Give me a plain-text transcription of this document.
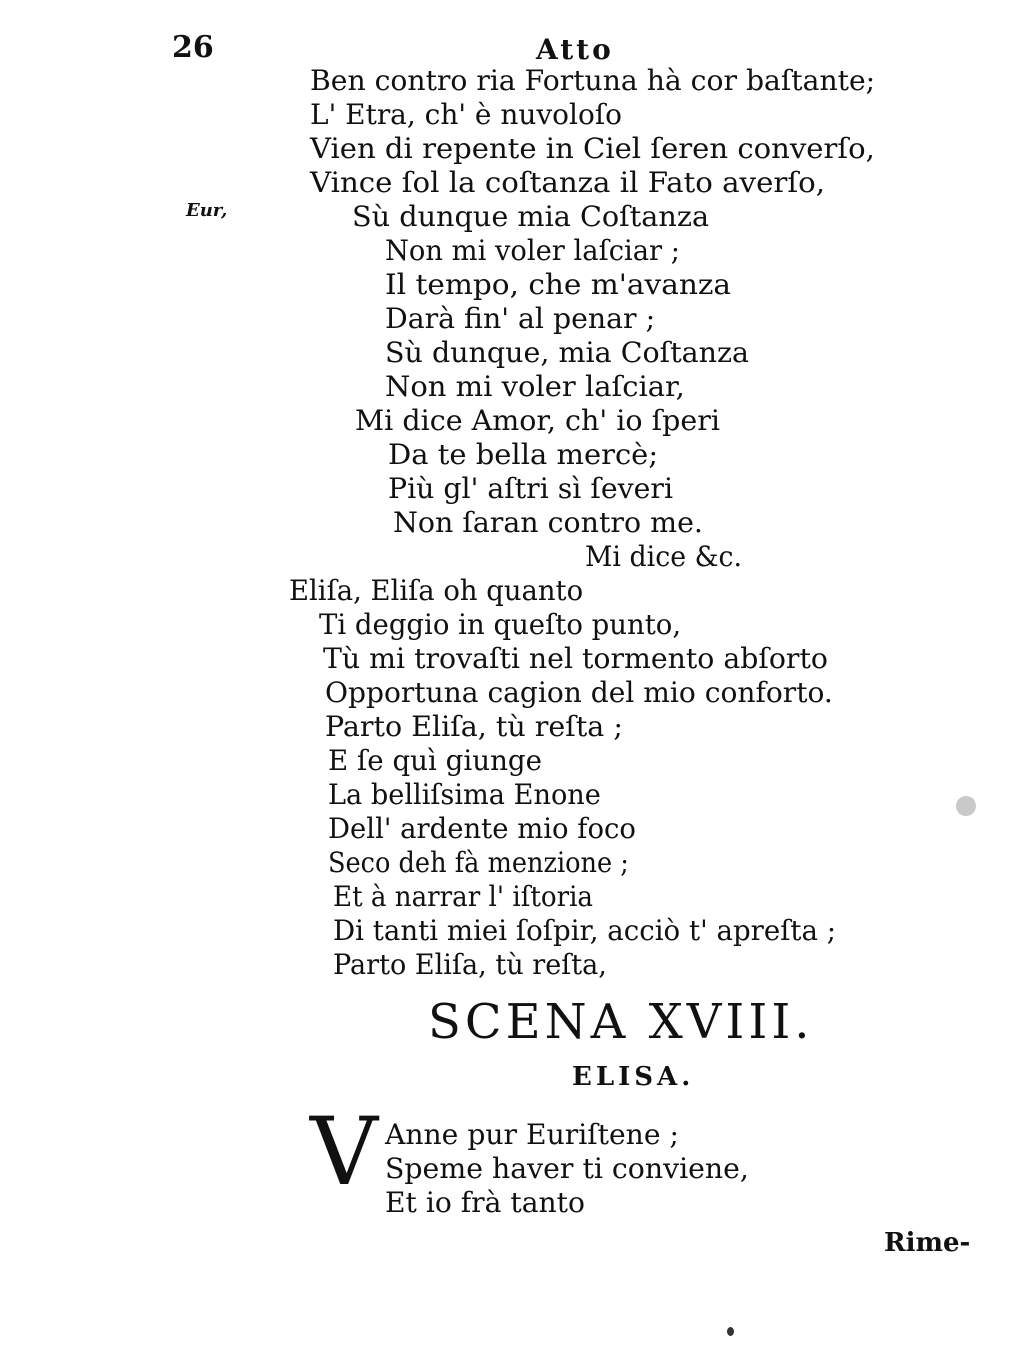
26	Atto
Eur,
Ben contro ria Fortuna hà cor baſtante;
L' Etra, ch' è nuvoloſo
Vien di repente in Ciel ſeren converſo,
Vince ſol la coſtanza il Fato averſo,
Sù dunque mia Coſtanza
Non mi voler laſciar ;
Il tempo, che m'avanza
Darà fin' al penar ;
Sù dunque, mia Coſtanza
Non mi voler laſciar,
Mi dice Amor, ch' io ſperi
Da te bella mercè;
Più gl' aſtri sì ſeveri
Non ſaran contro me.
Mi dice &c.
Eliſa, Eliſa oh quanto
Ti deggio in queſto punto,
Tù mi trovaſti nel tormento abſorto
Opportuna cagion del mio conforto.
Parto Eliſa, tù reſta ;
E ſe quì giunge
La belliſsima Enone
Dell' ardente mio foco
Seco deh fà menzione ;
Et à narrar l' iſtoria
Di tanti miei ſoſpir, acciò t' apreſta ;
Parto Eliſa, tù reſta,
SCENA XVIII.
ELISA.
V Anne pur Euriſtene ;
Speme haver ti conviene,
Et io frà tanto
Rime-
